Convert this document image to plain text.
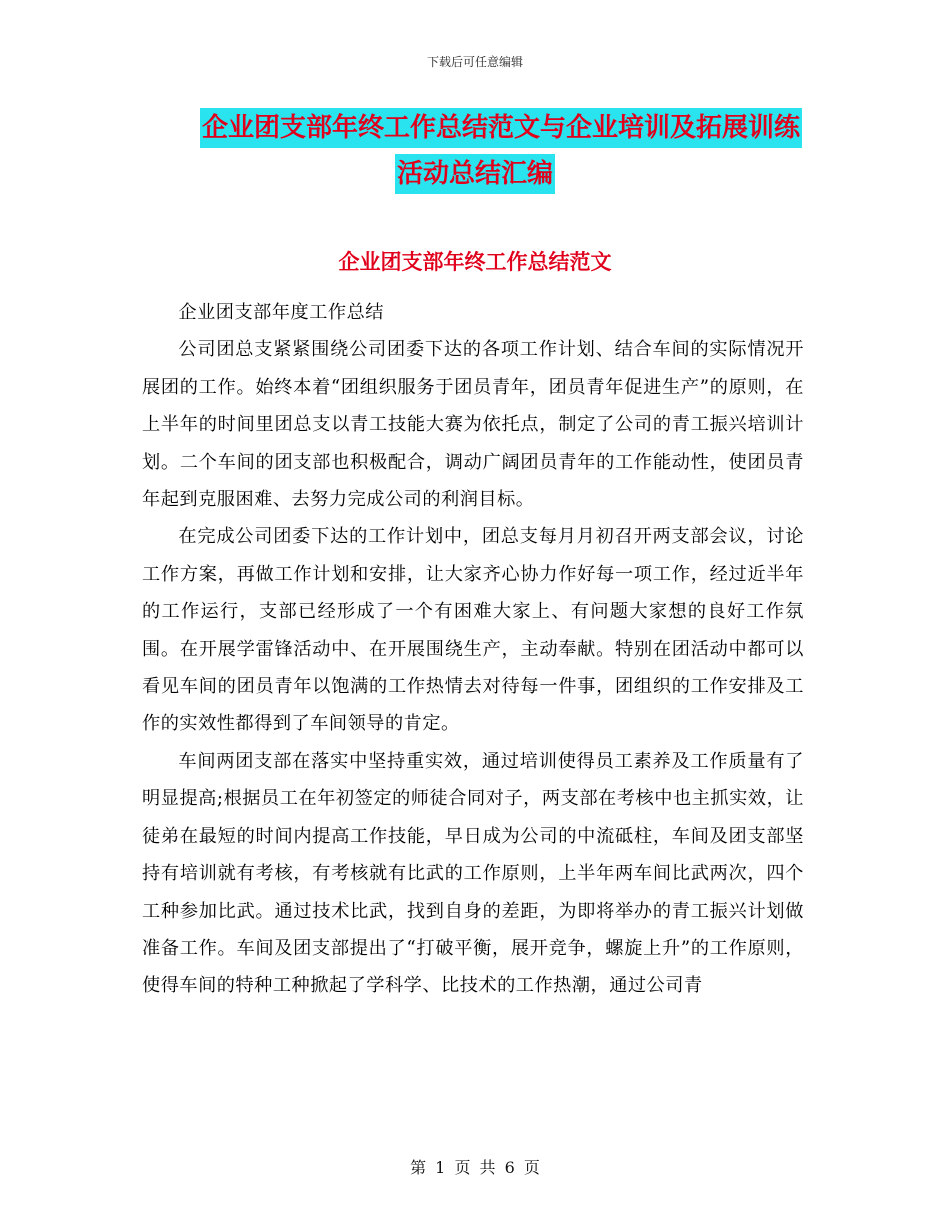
下载后可任意编辑
企业团支部年终工作总结范文与企业培训及拓展训练
活动总结汇编
企业团支部年终工作总结范文

企业团支部年度工作总结

公司团总支紧紧围绕公司团委下达的各项工作计划、结合车间的实际情况开展团的工作。始终本着“团组织服务于团员青年，团员青年促进生产”的原则，在上半年的时间里团总支以青工技能大赛为依托点，制定了公司的青工振兴培训计划。二个车间的团支部也积极配合，调动广阔团员青年的工作能动性，使团员青年起到克服困难、去努力完成公司的利润目标。

在完成公司团委下达的工作计划中，团总支每月月初召开两支部会议，讨论工作方案，再做工作计划和安排，让大家齐心协力作好每一项工作，经过近半年的工作运行，支部已经形成了一个有困难大家上、有问题大家想的良好工作氛围。在开展学雷锋活动中、在开展围绕生产，主动奉献。特别在团活动中都可以看见车间的团员青年以饱满的工作热情去对待每一件事，团组织的工作安排及工作的实效性都得到了车间领导的肯定。

车间两团支部在落实中坚持重实效，通过培训使得员工素养及工作质量有了明显提高;根据员工在年初签定的师徒合同对子，两支部在考核中也主抓实效，让徒弟在最短的时间内提高工作技能，早日成为公司的中流砥柱，车间及团支部坚持有培训就有考核，有考核就有比武的工作原则，上半年两车间比武两次，四个工种参加比武。通过技术比武，找到自身的差距，为即将举办的青工振兴计划做准备工作。车间及团支部提出了“打破平衡，展开竞争，螺旋上升”的工作原则，使得车间的特种工种掀起了学科学、比技术的工作热潮，通过公司青

第 1 页 共 6 页
